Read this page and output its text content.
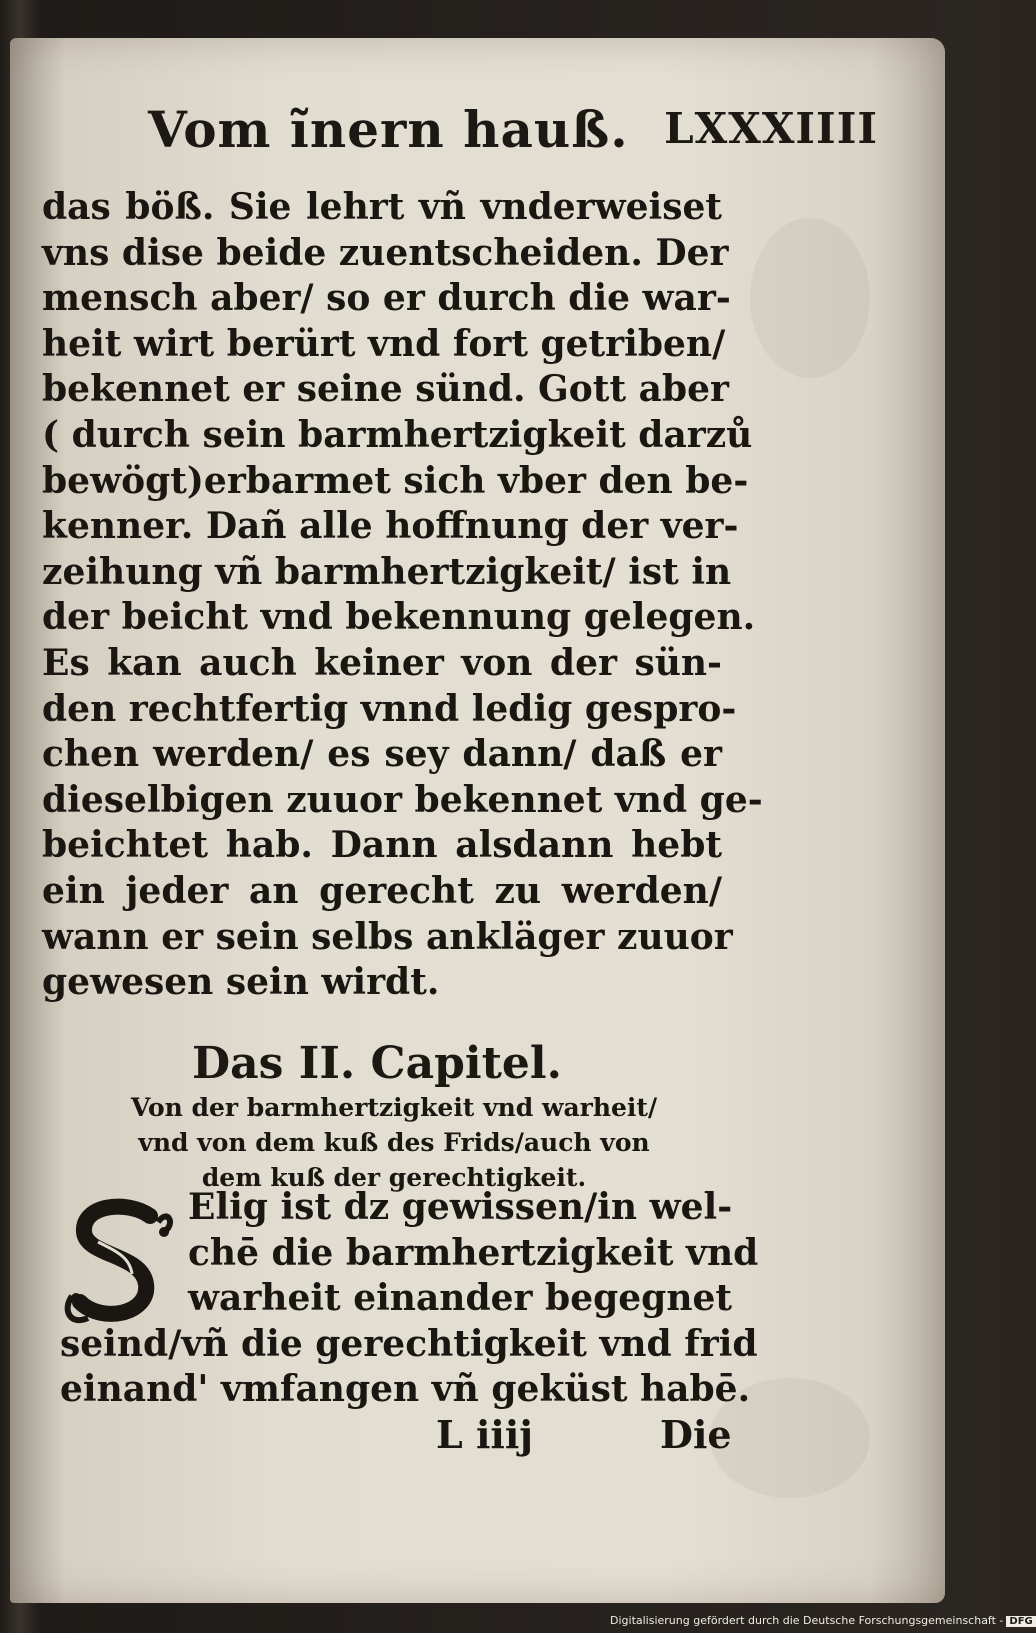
Vom ĩnern hauß. LXXXIIII
das böß. Sie lehrt vñ vnderweiset
vns dise beide zuentscheiden. Der
mensch aber/ so er durch die war-
heit wirt berürt vnd fort getriben/
bekennet er seine sünd. Gott aber
( durch sein barmhertzigkeit darzů
bewögt)erbarmet sich vber den be-
kenner. Dañ alle hoffnung der ver-
zeihung vñ barmhertzigkeit/ ist in
der beicht vnd bekennung gelegen.
Es kan auch keiner von der sün-
den rechtfertig vnnd ledig gespro-
chen werden/ es sey dann/ daß er
dieselbigen zuuor bekennet vnd ge-
beichtet hab. Dann alsdann hebt
ein jeder an gerecht zu werden/
wann er sein selbs ankläger zuuor
gewesen sein wirdt.
Das II. Capitel.
Von der barmhertzigkeit vnd warheit/
vnd von dem kuß des Frids/auch von
dem kuß der gerechtigkeit.
Elig ist dz gewissen/in wel-
chē die barmhertzigkeit vnd
warheit einander begegnet
seind/vñ die gerechtigkeit vnd frid
einand' vmfangen vñ geküst habē.
L iiij	Die
Digitalisierung gefördert durch die Deutsche Forschungsgemeinschaft - DFG
